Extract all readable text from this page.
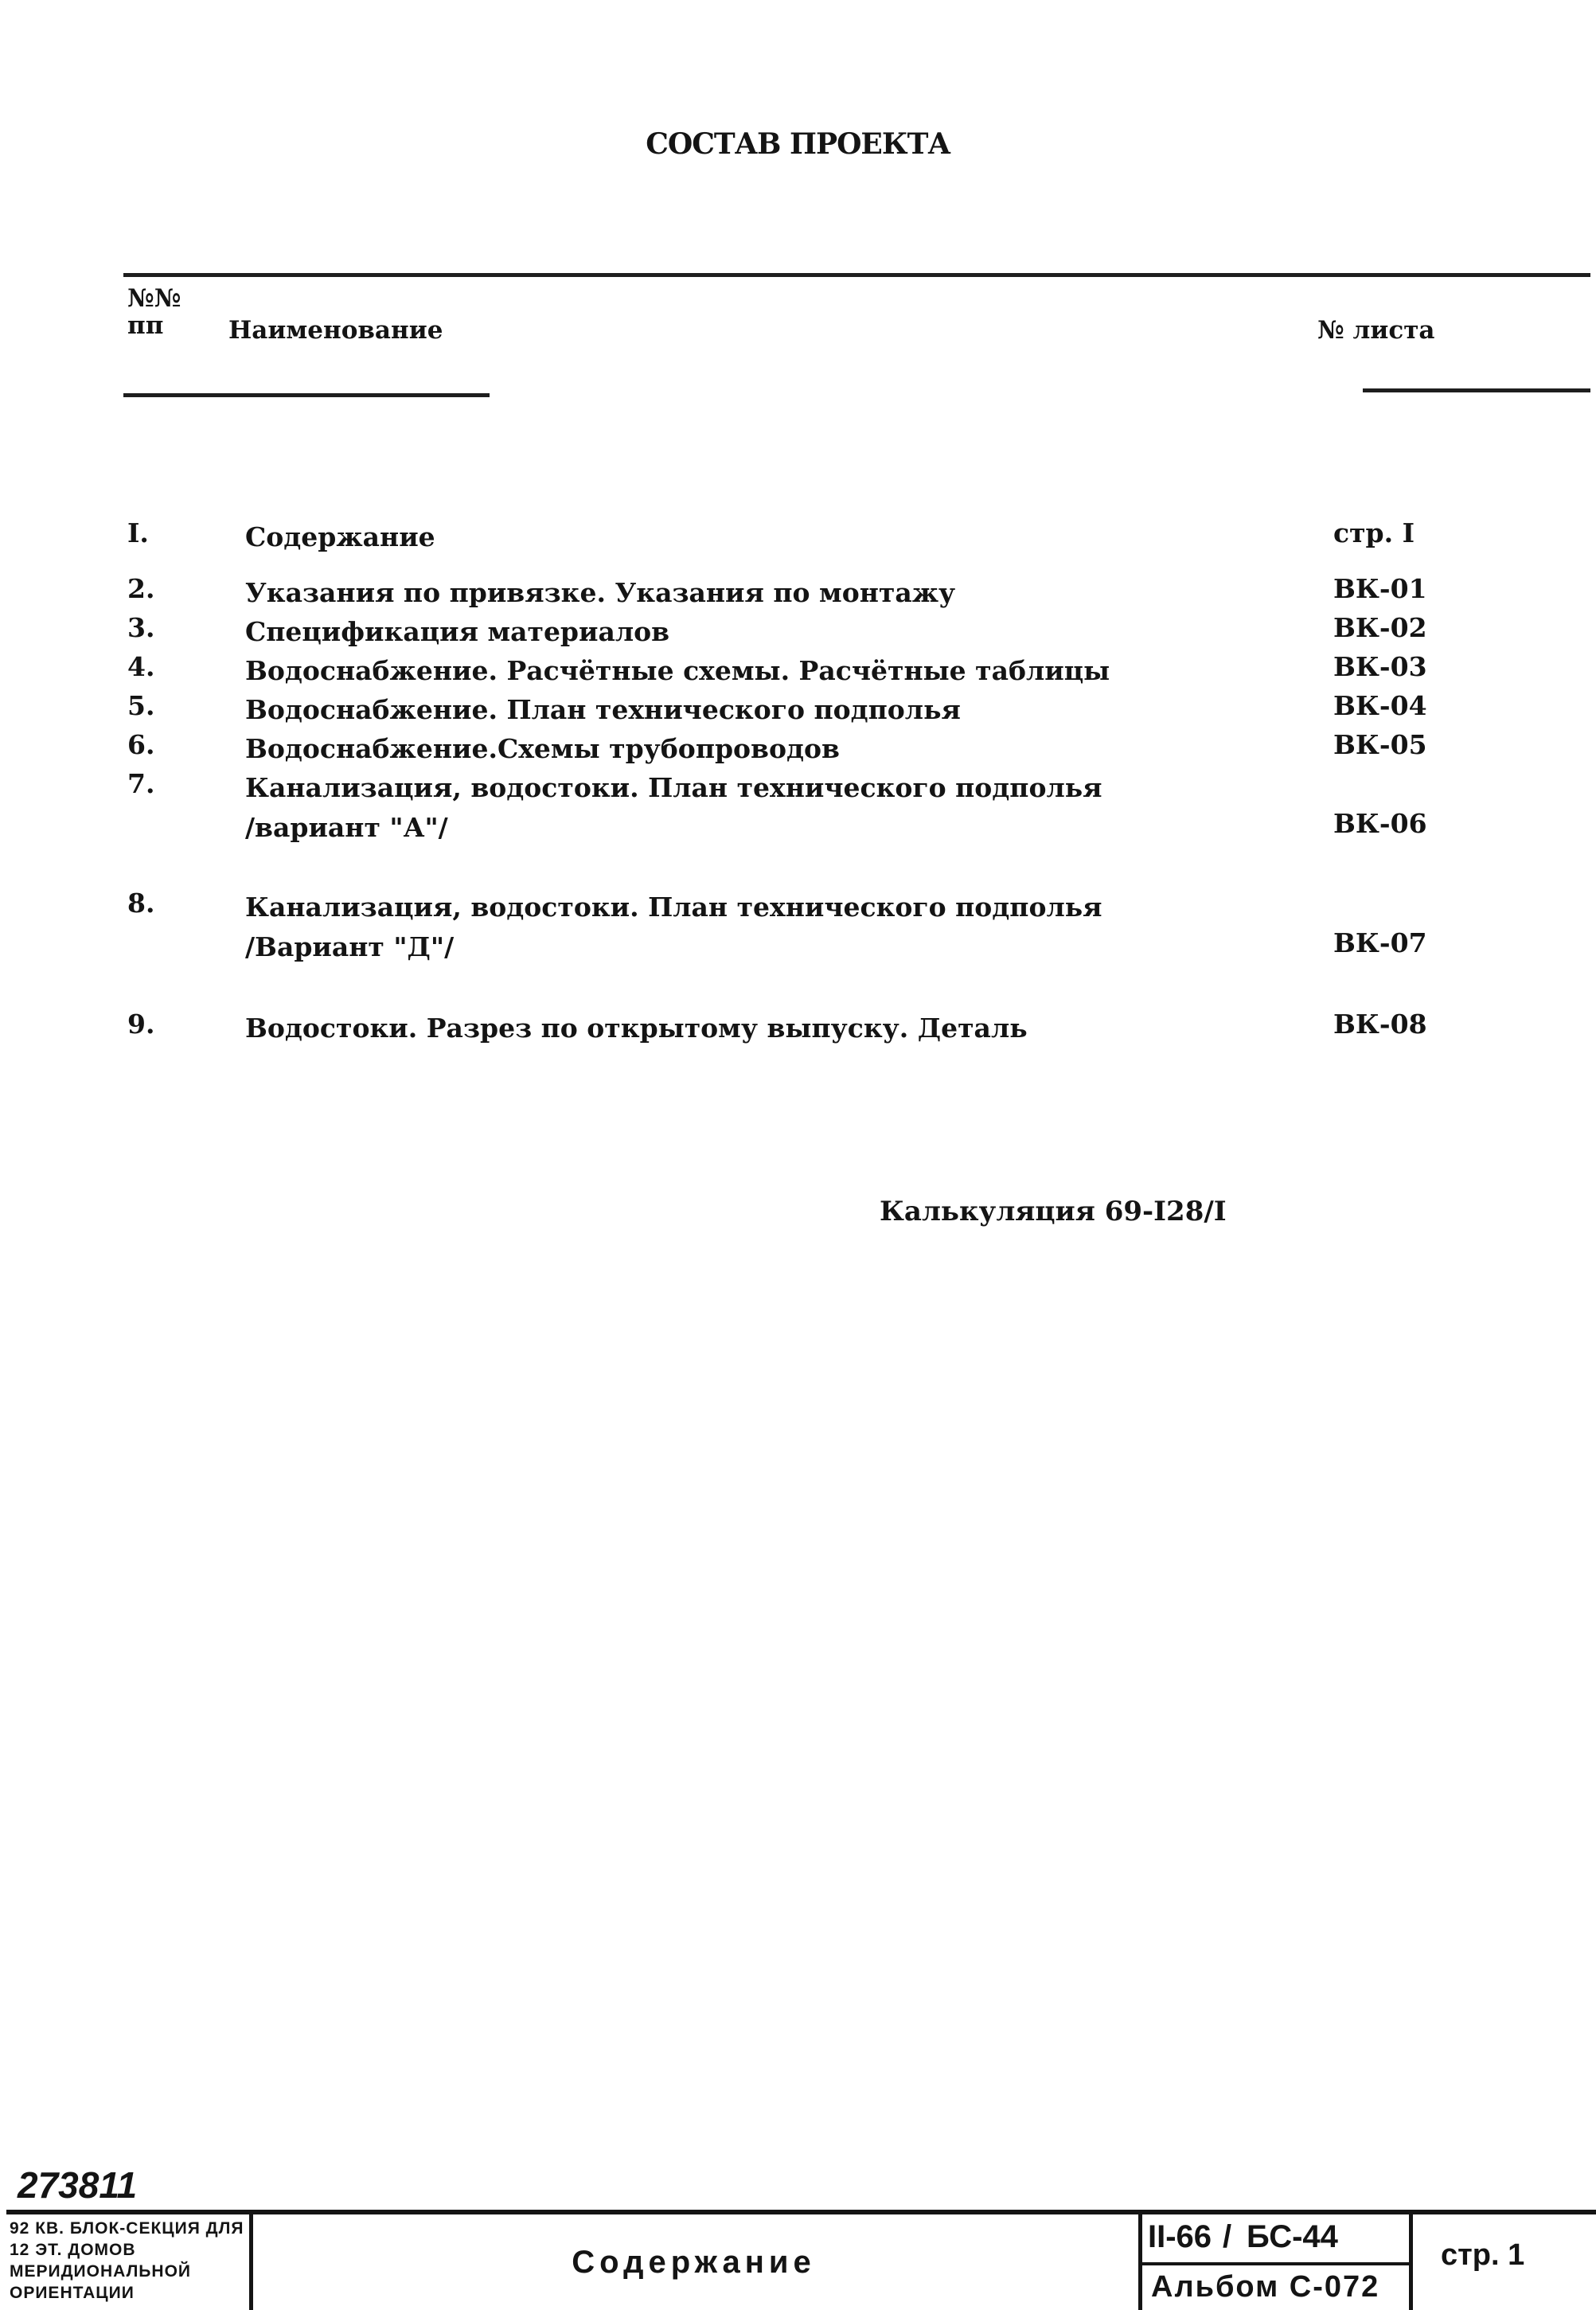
СОСТАВ ПРОЕКТА
№№
пп	Наименование	№ листа
I.	Содержание	стр. I
2.	Указания по привязке. Указания по монтажу	ВК-01
3.	Спецификация материалов	ВК-02
4.	Водоснабжение. Расчётные схемы. Расчётные таблицы	ВК-03
5.	Водоснабжение. План технического подполья	ВК-04
6.	Водоснабжение.Схемы трубопроводов	ВК-05
7.	Канализация, водостоки. План технического подполья
/вариант "А"/	ВК-06
8.	Канализация, водостоки. План технического подполья
/Вариант "Д"/	ВК-07
9.	Водостоки. Разрез по открытому выпуску. Деталь	ВК-08
Калькуляция 69-I28/I
273811
92 КВ. БЛОК-СЕКЦИЯ ДЛЯ 12 ЭТ. ДОМОВ МЕРИДИОНАЛЬНОЙ ОРИЕНТАЦИИ
Содержание
II-66 / БС-44
Альбом С-072
стр. 1
